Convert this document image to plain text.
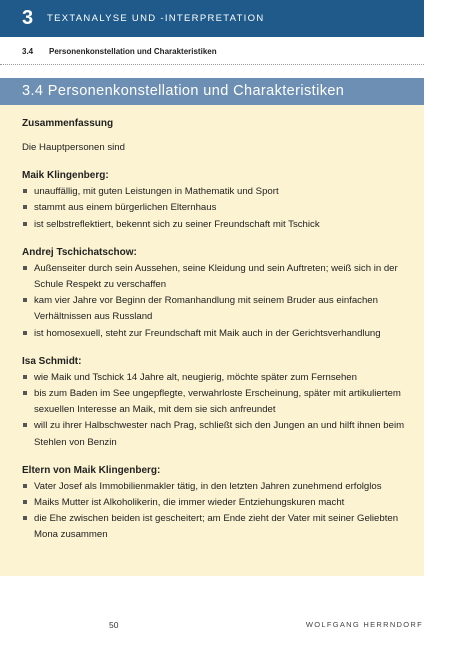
3 TEXTANALYSE UND -INTERPRETATION
3.4 Personenkonstellation und Charakteristiken
3.4 Personenkonstellation und Charakteristiken
Zusammenfassung

Die Hauptpersonen sind

Maik Klingenberg:
unauffällig, mit guten Leistungen in Mathematik und Sport
stammt aus einem bürgerlichen Elternhaus
ist selbstreflektiert, bekennt sich zu seiner Freundschaft mit Tschick
Andrej Tschichatschow:
Außenseiter durch sein Aussehen, seine Kleidung und sein Auftreten; weiß sich in der Schule Respekt zu verschaffen
kam vier Jahre vor Beginn der Romanhandlung mit seinem Bruder aus einfachen Verhältnissen aus Russland
ist homosexuell, steht zur Freundschaft mit Maik auch in der Gerichtsverhandlung
Isa Schmidt:
wie Maik und Tschick 14 Jahre alt, neugierig, möchte später zum Fernsehen
bis zum Baden im See ungepflegte, verwahrloste Erscheinung, später mit artikuliertem sexuellen Interesse an Maik, mit dem sie sich anfreundet
will zu ihrer Halbschwester nach Prag, schließt sich den Jungen an und hilft ihnen beim Stehlen von Benzin
Eltern von Maik Klingenberg:
Vater Josef als Immobilienmakler tätig, in den letzten Jahren zunehmend erfolglos
Maiks Mutter ist Alkoholikerin, die immer wieder Entziehungskuren macht
die Ehe zwischen beiden ist gescheitert; am Ende zieht der Vater mit seiner Geliebten Mona zusammen
50	WOLFGANG HERRNDORF
